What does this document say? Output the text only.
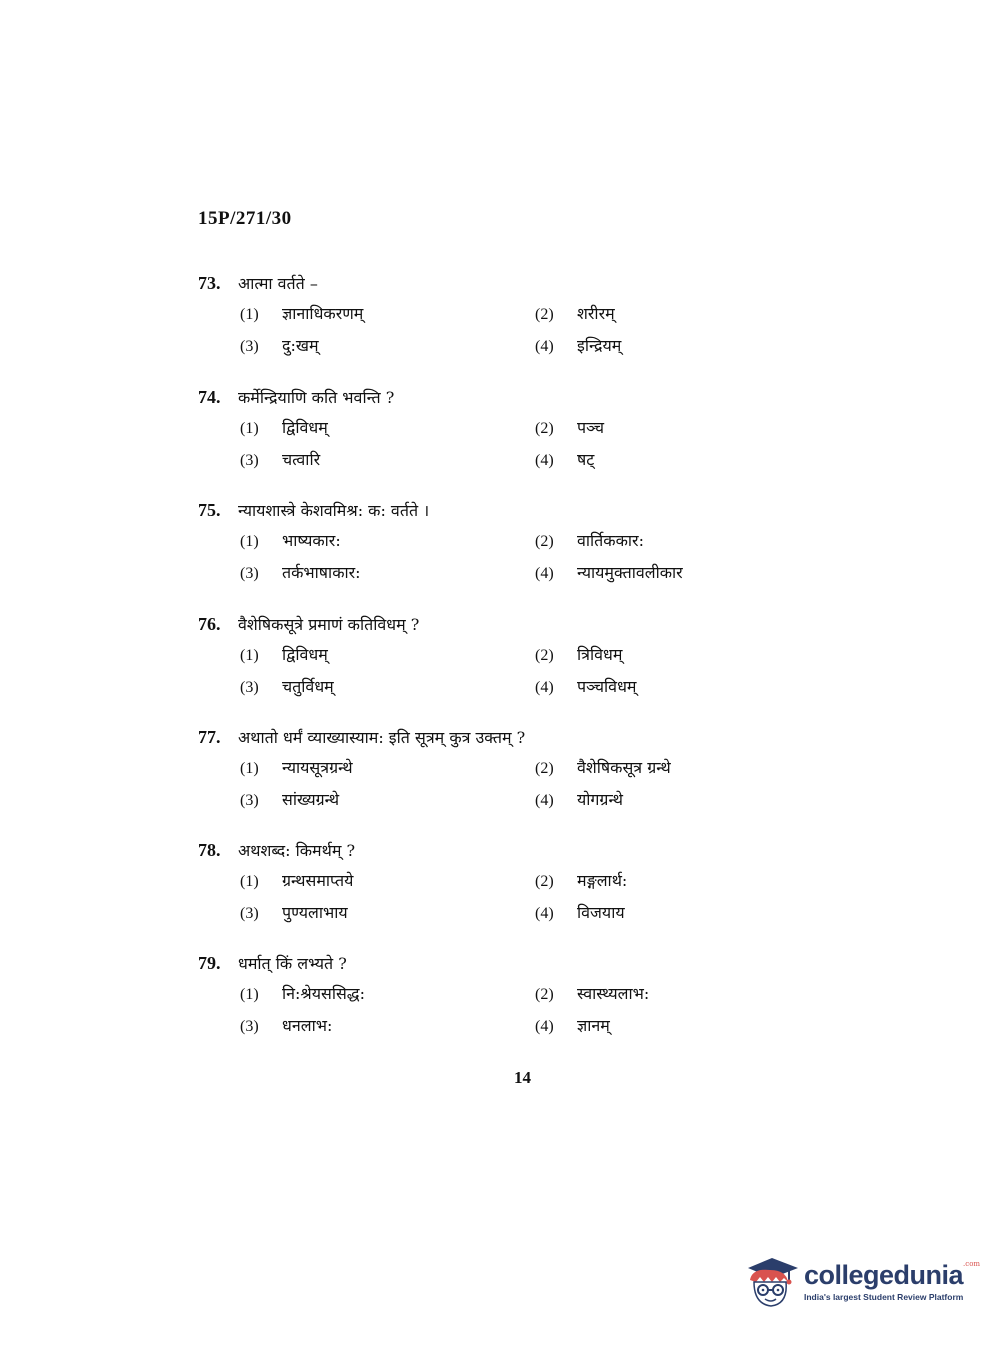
15P/271/30
73.	आत्मा वर्तते –
(1)	ज्ञानाधिकरणम्	(2)	शरीरम्
(3)	दु:खम्	(4)	इन्द्रियम्
74.	कर्मेन्द्रियाणि कति भवन्ति ?
(1)	द्विविधम्	(2)	पञ्च
(3)	चत्वारि	(4)	षट्
75.	न्यायशास्त्रे केशवमिश्र: क: वर्तते ।
(1)	भाष्यकार:	(2)	वार्तिककार:
(3)	तर्कभाषाकार:	(4)	न्यायमुक्तावलीकार
76.	वैशेषिकसूत्रे प्रमाणं कतिविधम् ?
(1)	द्विविधम्	(2)	त्रिविधम्
(3)	चतुर्विधम्	(4)	पञ्चविधम्
77.	अथातो धर्मं व्याख्यास्याम: इति सूत्रम् कुत्र उक्तम् ?
(1)	न्यायसूत्रग्रन्थे	(2)	वैशेषिकसूत्र ग्रन्थे
(3)	सांख्यग्रन्थे	(4)	योगग्रन्थे
78.	अथशब्द: किमर्थम् ?
(1)	ग्रन्थसमाप्तये	(2)	मङ्गलार्थ:
(3)	पुण्यलाभाय	(4)	विजयाय
79.	धर्मात् किं लभ्यते ?
(1)	नि:श्रेयससिद्ध:	(2)	स्वास्थ्यलाभ:
(3)	धनलाभ:	(4)	ज्ञानम्
14
collegedunia$^{.com}$
India's largest Student Review Platform
